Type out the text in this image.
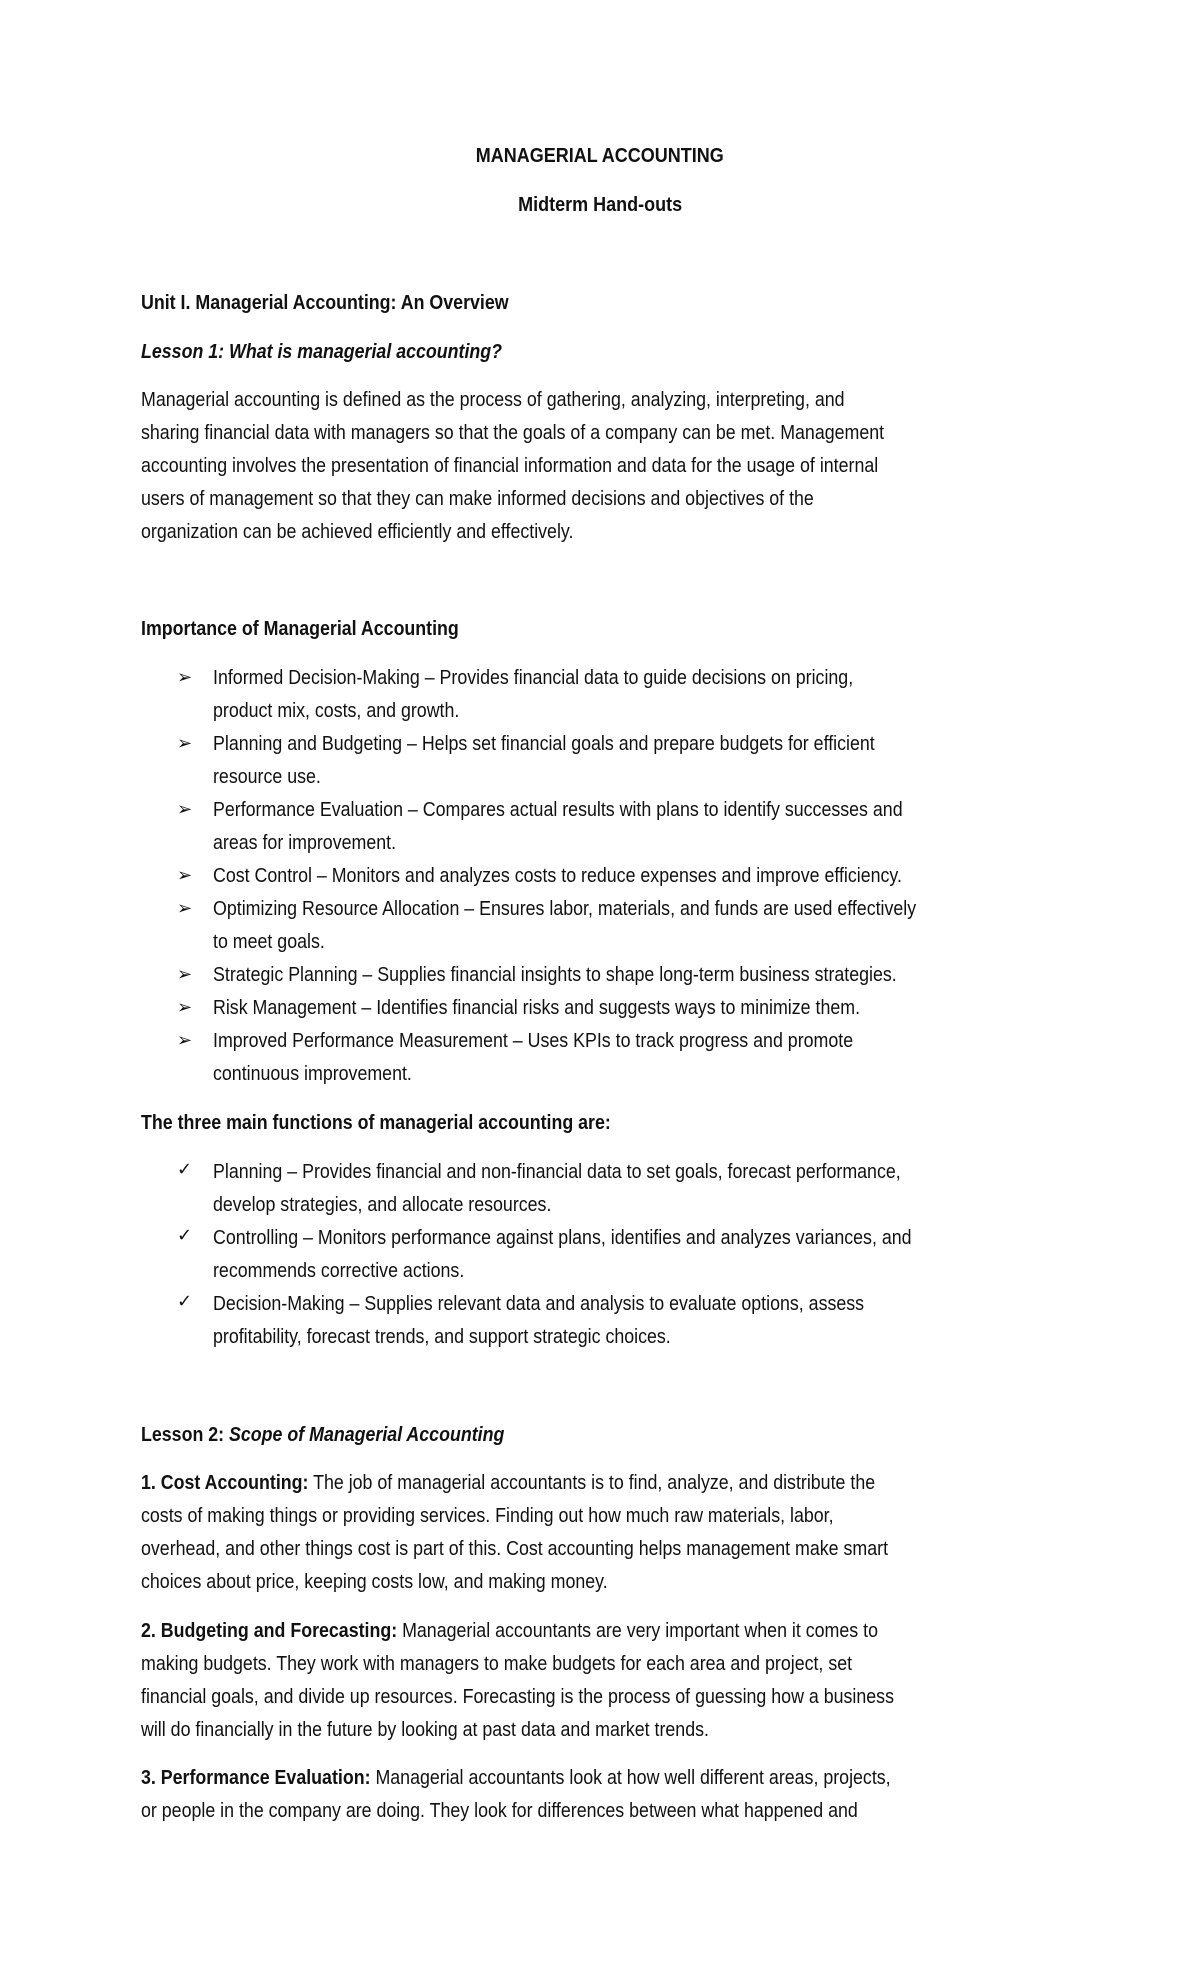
MANAGERIAL ACCOUNTING
Midterm Hand-outs
Unit I. Managerial Accounting: An Overview
Lesson 1: What is managerial accounting?
Managerial accounting is defined as the process of gathering, analyzing, interpreting, and
sharing financial data with managers so that the goals of a company can be met. Management
accounting involves the presentation of financial information and data for the usage of internal
users of management so that they can make informed decisions and objectives of the
organization can be achieved efficiently and effectively.
Importance of Managerial Accounting
➢ Informed Decision-Making – Provides financial data to guide decisions on pricing,
product mix, costs, and growth.
➢ Planning and Budgeting – Helps set financial goals and prepare budgets for efficient
resource use.
➢ Performance Evaluation – Compares actual results with plans to identify successes and
areas for improvement.
➢ Cost Control – Monitors and analyzes costs to reduce expenses and improve efficiency.
➢ Optimizing Resource Allocation – Ensures labor, materials, and funds are used effectively
to meet goals.
➢ Strategic Planning – Supplies financial insights to shape long-term business strategies.
➢ Risk Management – Identifies financial risks and suggests ways to minimize them.
➢ Improved Performance Measurement – Uses KPIs to track progress and promote
continuous improvement.
The three main functions of managerial accounting are:
✓ Planning – Provides financial and non-financial data to set goals, forecast performance,
develop strategies, and allocate resources.
✓ Controlling – Monitors performance against plans, identifies and analyzes variances, and
recommends corrective actions.
✓ Decision-Making – Supplies relevant data and analysis to evaluate options, assess
profitability, forecast trends, and support strategic choices.
Lesson 2: Scope of Managerial Accounting
1. Cost Accounting: The job of managerial accountants is to find, analyze, and distribute the
costs of making things or providing services. Finding out how much raw materials, labor,
overhead, and other things cost is part of this. Cost accounting helps management make smart
choices about price, keeping costs low, and making money.
2. Budgeting and Forecasting: Managerial accountants are very important when it comes to
making budgets. They work with managers to make budgets for each area and project, set
financial goals, and divide up resources. Forecasting is the process of guessing how a business
will do financially in the future by looking at past data and market trends.
3. Performance Evaluation: Managerial accountants look at how well different areas, projects,
or people in the company are doing. They look for differences between what happened and
